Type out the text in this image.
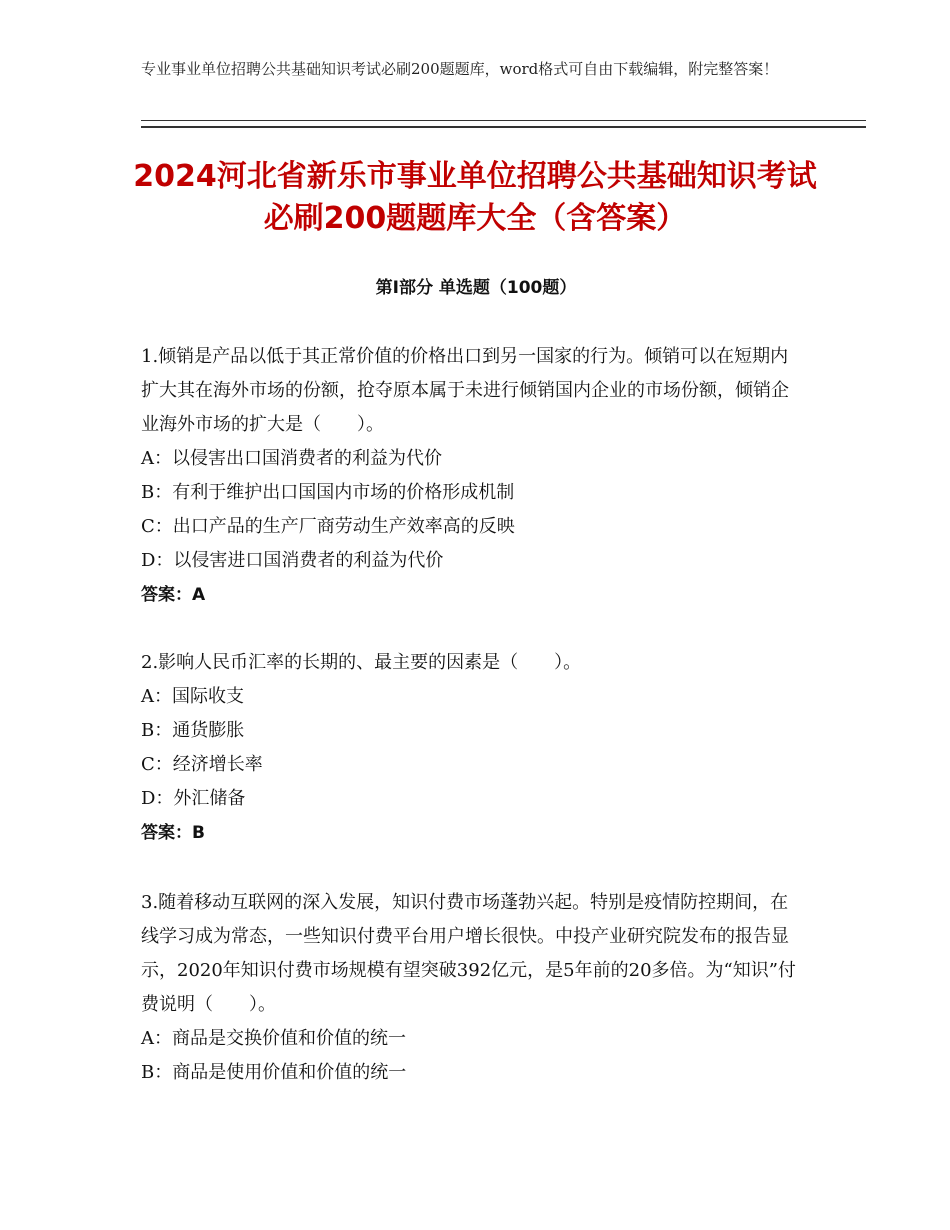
专业事业单位招聘公共基础知识考试必刷200题题库，word格式可自由下载编辑，附完整答案！
2024河北省新乐市事业单位招聘公共基础知识考试必刷200题题库大全（含答案）
第I部分 单选题（100题）

1.倾销是产品以低于其正常价值的价格出口到另一国家的行为。倾销可以在短期内扩大其在海外市场的份额，抢夺原本属于未进行倾销国内企业的市场份额，倾销企业海外市场的扩大是（　　）。

A：以侵害出口国消费者的利益为代价

B：有利于维护出口国国内市场的价格形成机制

C：出口产品的生产厂商劳动生产效率高的反映

D：以侵害进口国消费者的利益为代价

答案：A

2.影响人民币汇率的长期的、最主要的因素是（　　）。

A：国际收支

B：通货膨胀

C：经济增长率

D：外汇储备

答案：B

3.随着移动互联网的深入发展，知识付费市场蓬勃兴起。特别是疫情防控期间，在线学习成为常态，一些知识付费平台用户增长很快。中投产业研究院发布的报告显示，2020年知识付费市场规模有望突破392亿元，是5年前的20多倍。为“知识”付费说明（　　）。

A：商品是交换价值和价值的统一

B：商品是使用价值和价值的统一
